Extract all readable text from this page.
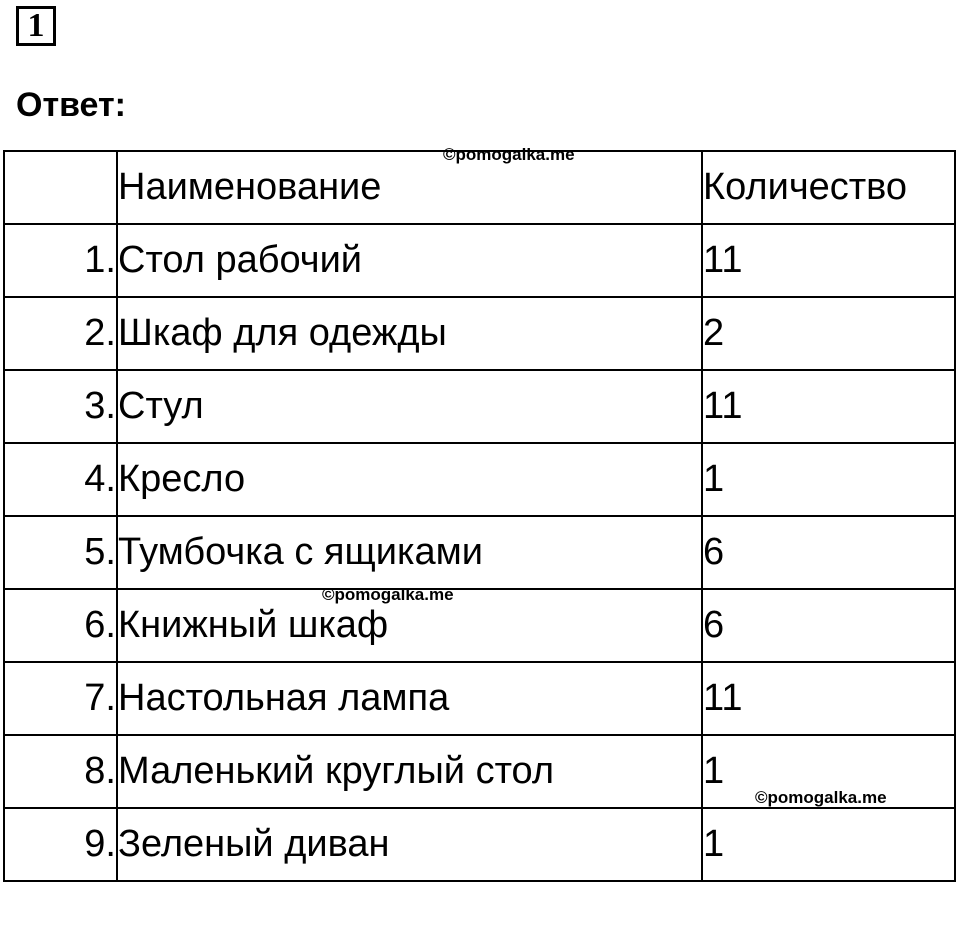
1
Ответ:
	Наименование	Количество
1.	Стол рабочий	11
2.	Шкаф для одежды	2
3.	Стул	11
4.	Кресло	1
5.	Тумбочка с ящиками	6
6.	Книжный шкаф	6
7.	Настольная лампа	11
8.	Маленький круглый стол	1
9.	Зеленый диван	1
©pomogalka.me
©pomogalka.me
©pomogalka.me
